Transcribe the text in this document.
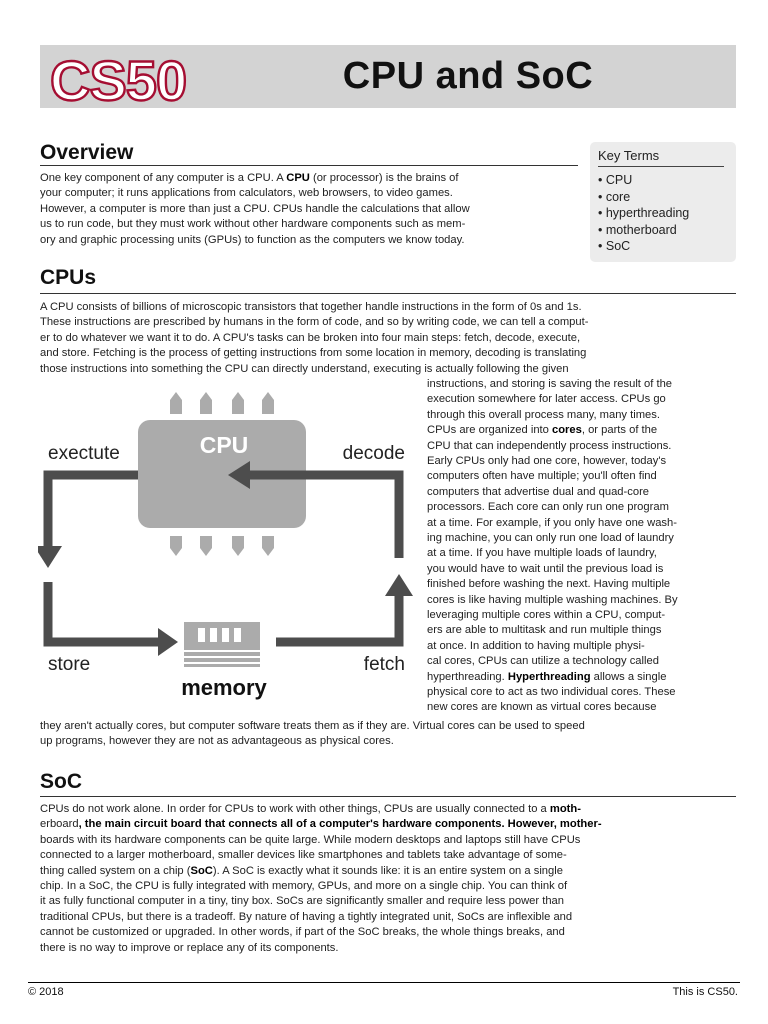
CS50	CPU and SoC
Overview	Key Terms
• CPU
• core
• hyperthreading
• motherboard
• SoC
CPUs
CPU
memory
exectute	decode
store	fetch
SoC
© 2018	This is CS50.
One key component of any computer is a CPU. A CPU (or processor) is the brains of
your computer; it runs applications from calculators, web browsers, to video games.
However, a computer is more than just a CPU. CPUs handle the calculations that allow
us to run code, but they must work without other hardware components such as mem-
ory and graphic processing units (GPUs) to function as the computers we know today.
A CPU consists of billions of microscopic transistors that together handle instructions in the form of 0s and 1s.
These instructions are prescribed by humans in the form of code, and so by writing code, we can tell a comput-
er to do whatever we want it to do. A CPU's tasks can be broken into four main steps: fetch, decode, execute,
and store. Fetching is the process of getting instructions from some location in memory, decoding is translating
those instructions into something the CPU can directly understand, executing is actually following the given
instructions, and storing is saving the result of the
execution somewhere for later access. CPUs go
through this overall process many, many times.
CPUs are organized into cores, or parts of the
CPU that can independently process instructions.
Early CPUs only had one core, however, today's
computers often have multiple; you'll often find
computers that advertise dual and quad-core
processors. Each core can only run one program
at a time. For example, if you only have one wash-
ing machine, you can only run one load of laundry
at a time. If you have multiple loads of laundry,
you would have to wait until the previous load is
finished before washing the next. Having multiple
cores is like having multiple washing machines. By
leveraging multiple cores within a CPU, comput-
ers are able to multitask and run multiple things
at once. In addition to having multiple physi-
cal cores, CPUs can utilize a technology called
hyperthreading. Hyperthreading allows a single
physical core to act as two individual cores. These
new cores are known as virtual cores because
they aren't actually cores, but computer software treats them as if they are. Virtual cores can be used to speed
up programs, however they are not as advantageous as physical cores.
CPUs do not work alone. In order for CPUs to work with other things, CPUs are usually connected to a moth-
erboard, the main circuit board that connects all of a computer's hardware components. However, mother-
boards with its hardware components can be quite large. While modern desktops and laptops still have CPUs
connected to a larger motherboard, smaller devices like smartphones and tablets take advantage of some-
thing called system on a chip (SoC). A SoC is exactly what it sounds like: it is an entire system on a single
chip. In a SoC, the CPU is fully integrated with memory, GPUs, and more on a single chip. You can think of
it as fully functional computer in a tiny, tiny box. SoCs are significantly smaller and require less power than
traditional CPUs, but there is a tradeoff. By nature of having a tightly integrated unit, SoCs are inflexible and
cannot be customized or upgraded. In other words, if part of the SoC breaks, the whole things breaks, and
there is no way to improve or replace any of its components.
